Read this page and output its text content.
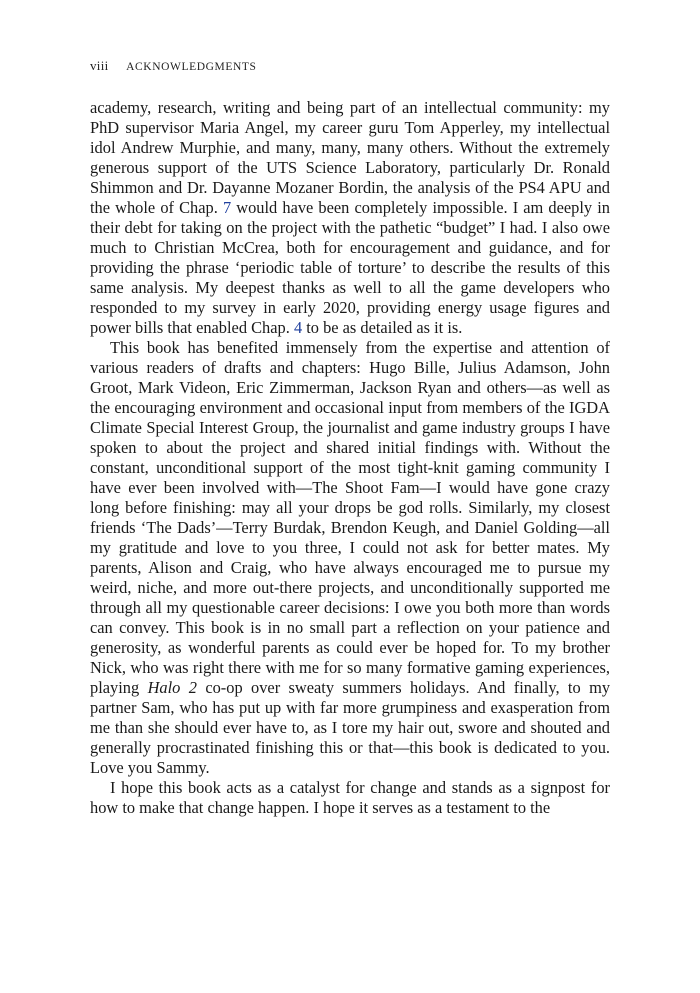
viii ACKNOWLEDGMENTS

academy, research, writing and being part of an intellectual community: my PhD supervisor Maria Angel, my career guru Tom Apperley, my intellectual idol Andrew Murphie, and many, many, many others. Without the extremely generous support of the UTS Science Laboratory, particularly Dr. Ronald Shimmon and Dr. Dayanne Mozaner Bordin, the analysis of the PS4 APU and the whole of Chap. 7 would have been completely impossible. I am deeply in their debt for taking on the project with the pathetic “budget” I had. I also owe much to Christian McCrea, both for encouragement and guidance, and for providing the phrase ‘periodic table of torture’ to describe the results of this same analysis. My deepest thanks as well to all the game developers who responded to my survey in early 2020, providing energy usage figures and power bills that enabled Chap. 4 to be as detailed as it is.

This book has benefited immensely from the expertise and attention of various readers of drafts and chapters: Hugo Bille, Julius Adamson, John Groot, Mark Videon, Eric Zimmerman, Jackson Ryan and others—as well as the encouraging environment and occasional input from members of the IGDA Climate Special Interest Group, the journalist and game industry groups I have spoken to about the project and shared initial findings with. Without the constant, unconditional support of the most tight-knit gaming community I have ever been involved with—The Shoot Fam—I would have gone crazy long before finishing: may all your drops be god rolls. Similarly, my closest friends ‘The Dads’—Terry Burdak, Brendon Keugh, and Daniel Golding—all my gratitude and love to you three, I could not ask for better mates. My parents, Alison and Craig, who have always encouraged me to pursue my weird, niche, and more out-there projects, and unconditionally supported me through all my questionable career decisions: I owe you both more than words can convey. This book is in no small part a reflection on your patience and generosity, as wonderful parents as could ever be hoped for. To my brother Nick, who was right there with me for so many formative gaming experiences, playing Halo 2 co-op over sweaty summers holidays. And finally, to my partner Sam, who has put up with far more grumpiness and exasperation from me than she should ever have to, as I tore my hair out, swore and shouted and generally procrastinated finishing this or that—this book is dedicated to you. Love you Sammy.

I hope this book acts as a catalyst for change and stands as a signpost for how to make that change happen. I hope it serves as a testament to the
